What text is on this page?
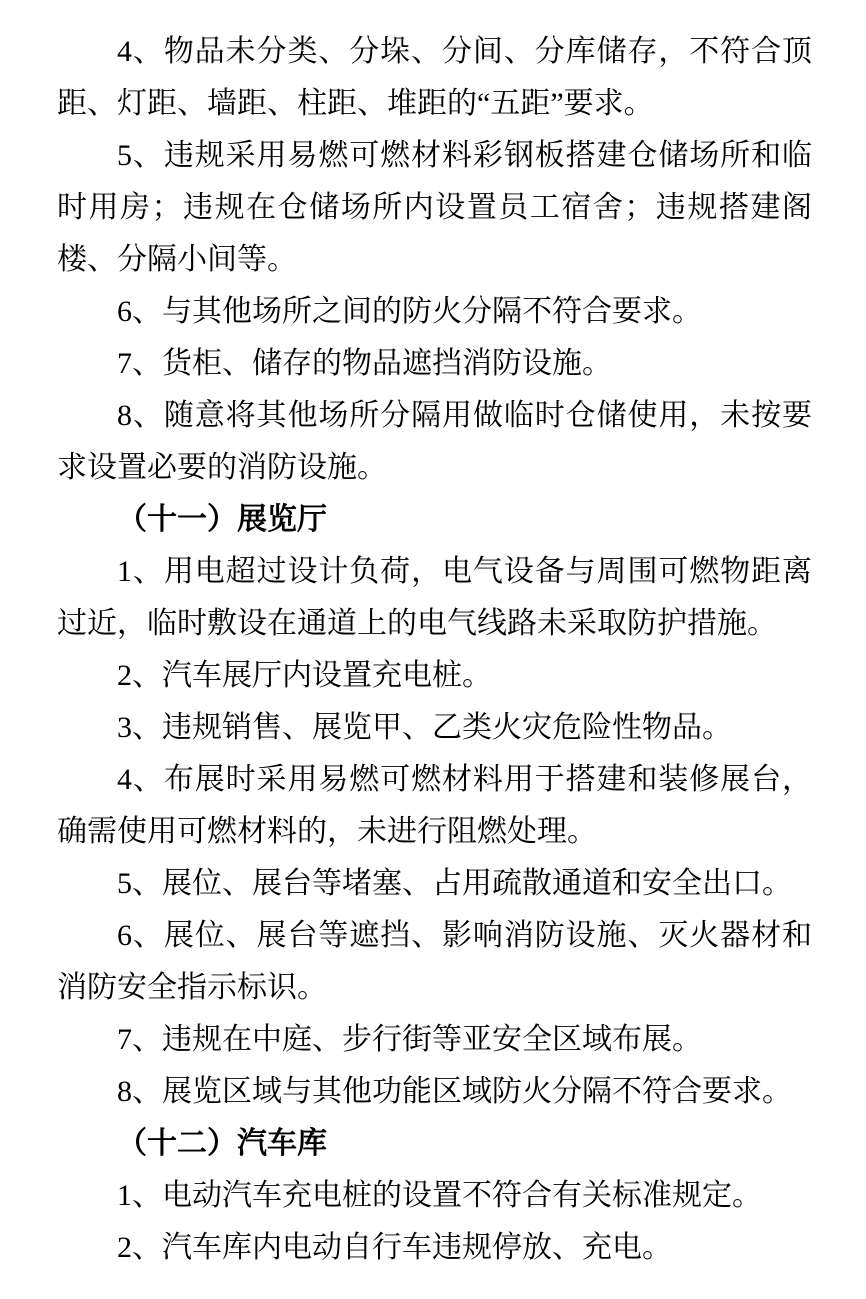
4、物品未分类、分垛、分间、分库储存，不符合顶距、灯距、墙距、柱距、堆距的“五距”要求。

5、违规采用易燃可燃材料彩钢板搭建仓储场所和临时用房；违规在仓储场所内设置员工宿舍；违规搭建阁楼、分隔小间等。

6、与其他场所之间的防火分隔不符合要求。

7、货柜、储存的物品遮挡消防设施。

8、随意将其他场所分隔用做临时仓储使用，未按要求设置必要的消防设施。

（十一）展览厅

1、用电超过设计负荷，电气设备与周围可燃物距离过近，临时敷设在通道上的电气线路未采取防护措施。

2、汽车展厅内设置充电桩。

3、违规销售、展览甲、乙类火灾危险性物品。

4、布展时采用易燃可燃材料用于搭建和装修展台，确需使用可燃材料的，未进行阻燃处理。

5、展位、展台等堵塞、占用疏散通道和安全出口。

6、展位、展台等遮挡、影响消防设施、灭火器材和消防安全指示标识。

7、违规在中庭、步行街等亚安全区域布展。

8、展览区域与其他功能区域防火分隔不符合要求。

（十二）汽车库

1、电动汽车充电桩的设置不符合有关标准规定。

2、汽车库内电动自行车违规停放、充电。
